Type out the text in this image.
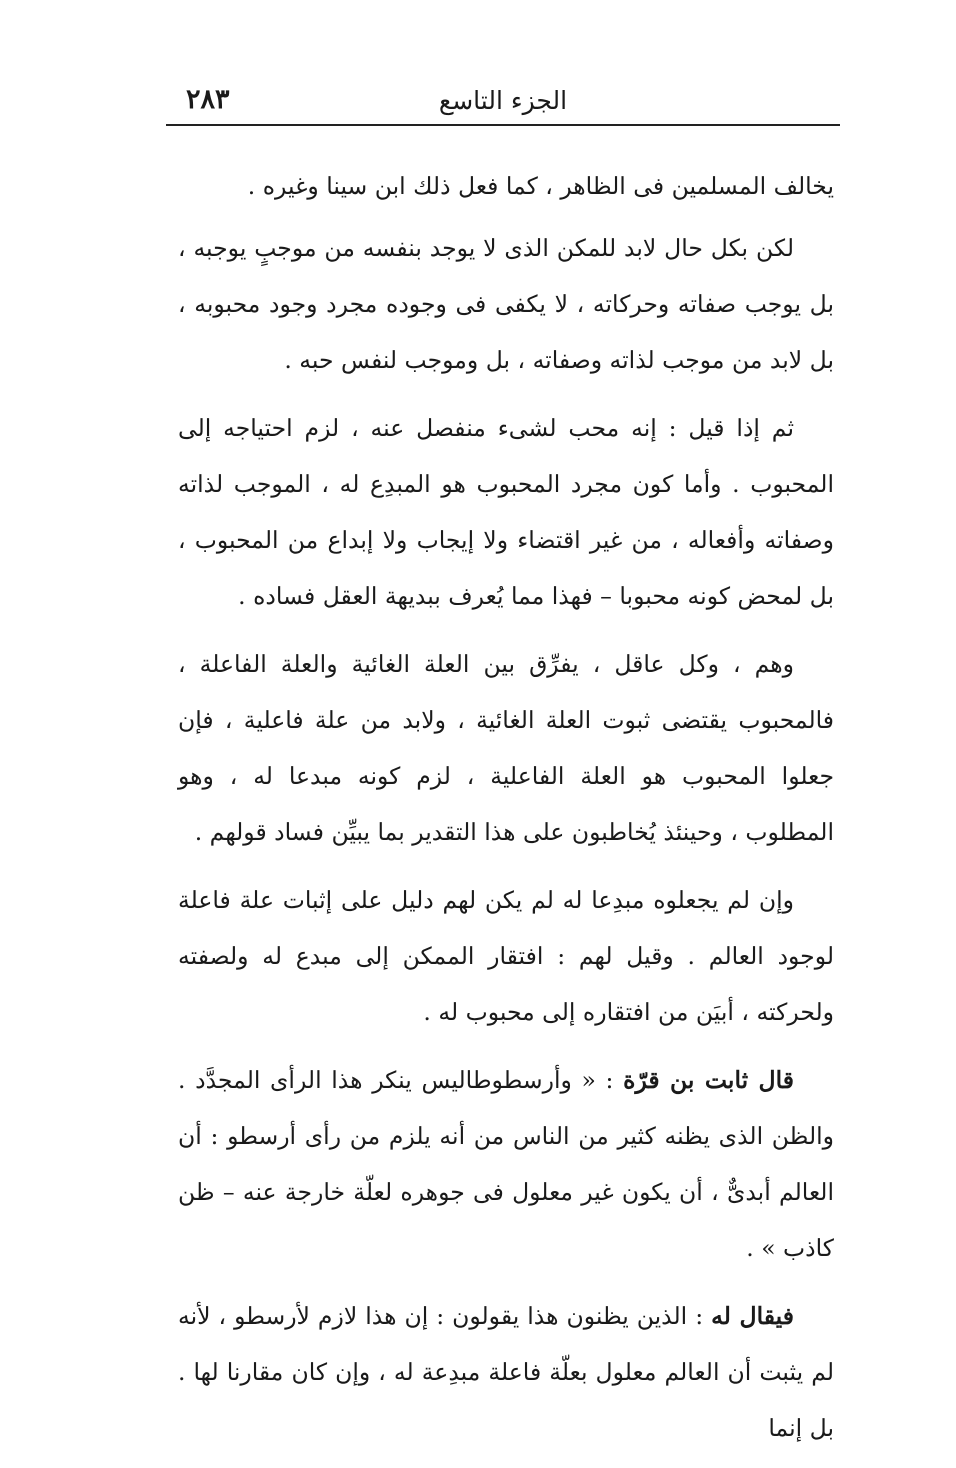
الجزء التاسع
٢٨٣

يخالف المسلمين فى الظاهر ، كما فعل ذلك ابن سينا وغيره .

لكن بكل حال لابد للمكن الذى لا يوجد بنفسه من موجبٍ يوجبه ، بل يوجب صفاته وحركاته ، لا يكفى فى وجوده مجرد وجود محبوبه ، بل لابد من موجب لذاته وصفاته ، بل وموجب لنفس حبه .

ثم إذا قيل : إنه محب لشىء منفصل عنه ، لزم احتياجه إلى المحبوب . وأما كون مجرد المحبوب هو المبدِع له ، الموجب لذاته وصفاته وأفعاله ، من غير اقتضاء ولا إيجاب ولا إبداع من المحبوب ، بل لمحض كونه محبوبا – فهذا مما يُعرف ببديهة العقل فساده .

وهم ، وكل عاقل ، يفرِّق بين العلة الغائية والعلة الفاعلة ، فالمحبوب يقتضى ثبوت العلة الغائية ، ولابد من علة فاعلية ، فإن جعلوا المحبوب هو العلة الفاعلية ، لزم كونه مبدعا له ، وهو المطلوب ، وحينئذ يُخاطبون على هذا التقدير بما يبيِّن فساد قولهم .

وإن لم يجعلوه مبدِعا له لم يكن لهم دليل على إثبات علة فاعلة لوجود العالم . وقيل لهم : افتقار الممكن إلى مبدع له ولصفته ولحركته ، أبيَن من افتقاره إلى محبوب له .

قال ثابت بن قرّة : « وأرسطوطاليس ينكر هذا الرأى المجدَّد . والظن الذى يظنه كثير من الناس من أنه يلزم من رأى أرسطو : أن العالم أبدىٌّ ، أن يكون غير معلول فى جوهره لعلّة خارجة عنه – ظن كاذب » .

فيقال له : الذين يظنون هذا يقولون : إن هذا لازم لأرسطو ، لأنه لم يثبت أن العالم معلول بعلّة فاعلة مبدِعة له ، وإن كان مقارنا لها . بل إنما
